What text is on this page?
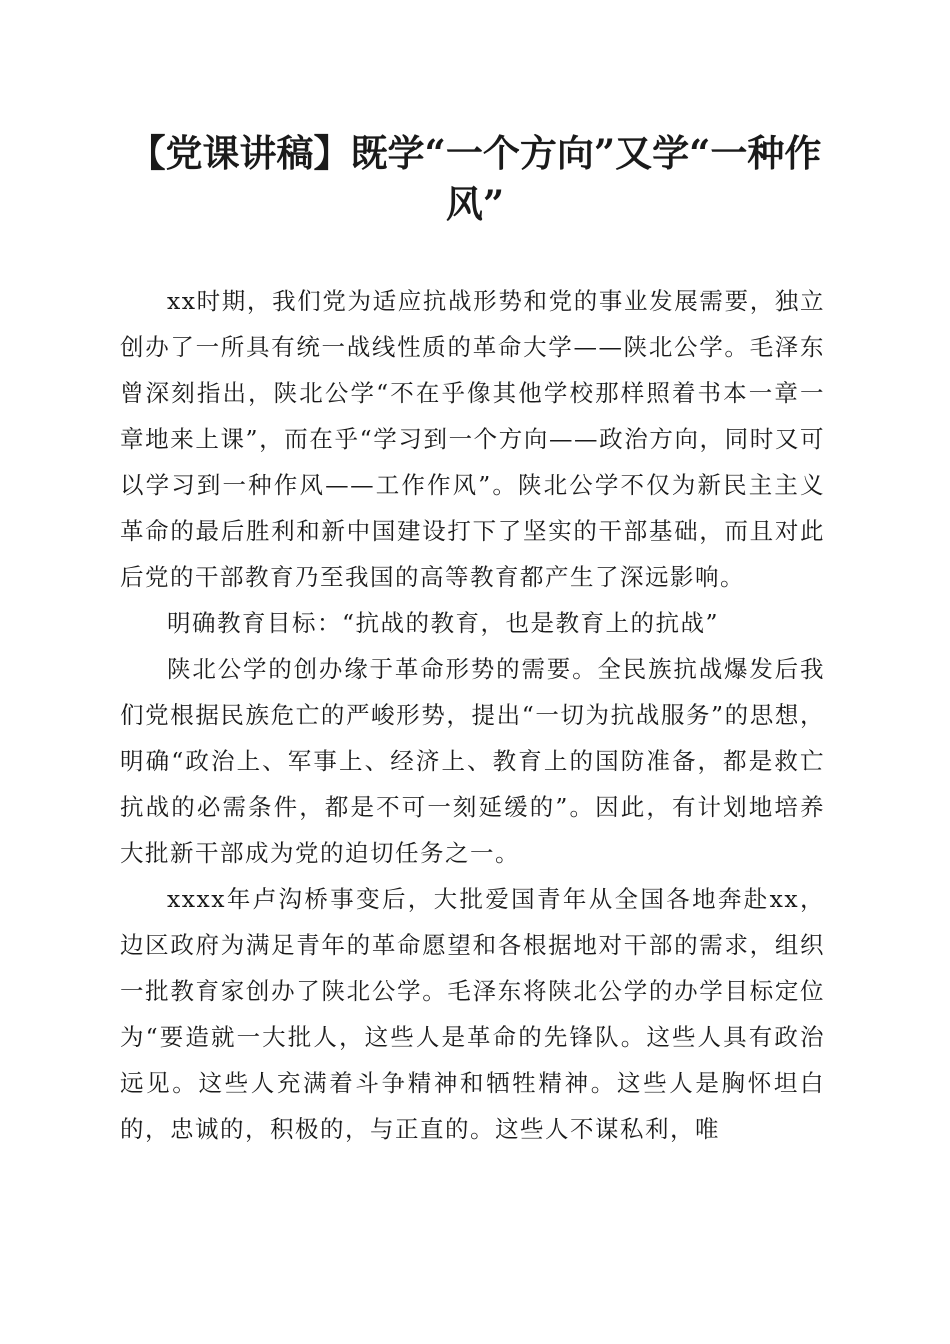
【党课讲稿】既学“一个方向”又学“一种作风”

xx时期，我们党为适应抗战形势和党的事业发展需要，独立创办了一所具有统一战线性质的革命大学——陕北公学。毛泽东曾深刻指出，陕北公学“不在乎像其他学校那样照着书本一章一章地来上课”，而在乎“学习到一个方向——政治方向，同时又可以学习到一种作风——工作作风”。陕北公学不仅为新民主主义革命的最后胜利和新中国建设打下了坚实的干部基础，而且对此后党的干部教育乃至我国的高等教育都产生了深远影响。

明确教育目标：“抗战的教育，也是教育上的抗战”

陕北公学的创办缘于革命形势的需要。全民族抗战爆发后我们党根据民族危亡的严峻形势，提出“一切为抗战服务”的思想，明确“政治上、军事上、经济上、教育上的国防准备，都是救亡抗战的必需条件，都是不可一刻延缓的”。因此，有计划地培养大批新干部成为党的迫切任务之一。

xxxx年卢沟桥事变后，大批爱国青年从全国各地奔赴xx，边区政府为满足青年的革命愿望和各根据地对干部的需求，组织一批教育家创办了陕北公学。毛泽东将陕北公学的办学目标定位为“要造就一大批人，这些人是革命的先锋队。这些人具有政治远见。这些人充满着斗争精神和牺牲精神。这些人是胸怀坦白的，忠诚的，积极的，与正直的。这些人不谋私利，唯
